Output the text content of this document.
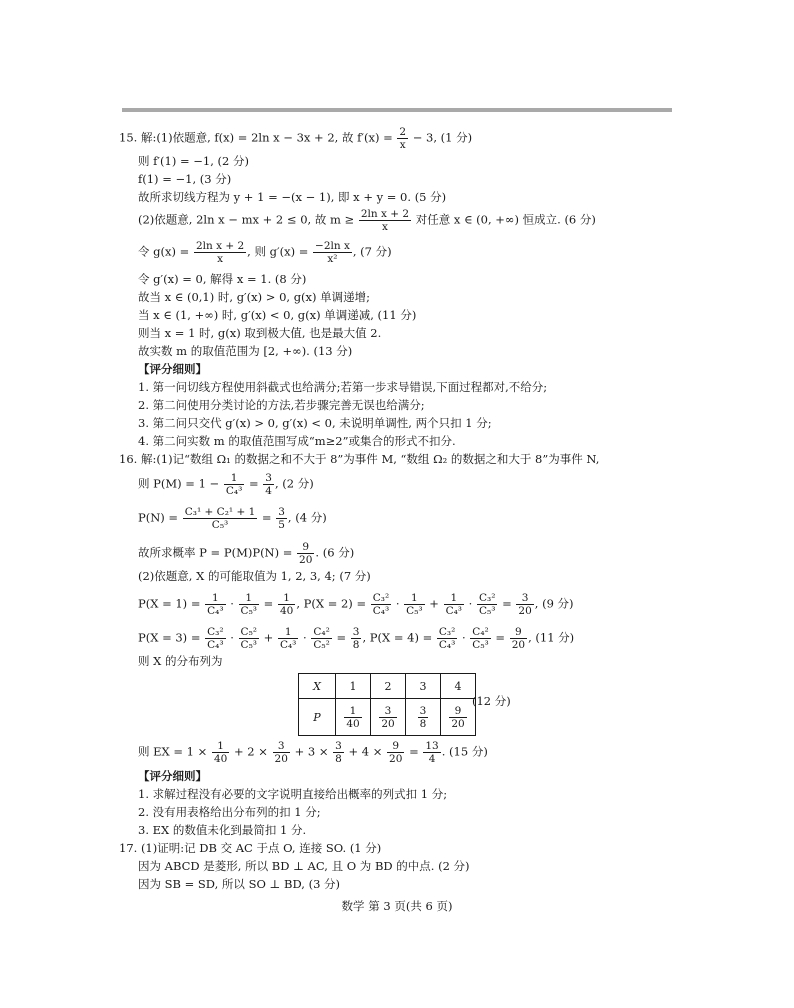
15. 解:(1)依题意, f(x) = 2ln x − 3x + 2, 故 $f'(x) = \frac{2}{x} - 3$, (1 分)
则 f′(1) = −1, (2 分)
f(1) = −1, (3 分)
故所求切线方程为 y + 1 = −(x − 1), 即 x + y = 0. (5 分)
(2)依题意, 2ln x − mx + 2 ≤ 0, 故 $m \ge \frac{\text{2ln x + 2}}{x}$ 对任意 x ∈ (0, +∞) 恒成立. (6 分)
令 $g(x) = \frac{\text{2ln x + 2}}{x}$ , 则 $g'(x) = \frac{\text{−2ln x}}{\text{x²}}$ , (7 分)
令 g′(x) = 0, 解得 x = 1. (8 分)
故当 x ∈ (0,1) 时, g′(x) > 0, g(x) 单调递增;
当 x ∈ (1, +∞) 时, g′(x) < 0, g(x) 单调递减, (11 分)
则当 x = 1 时, g(x) 取到极大值, 也是最大值 2.
故实数 m 的取值范围为 [2, +∞). (13 分)
【评分细则】
1. 第一问切线方程使用斜截式也给满分;若第一步求导错误,下面过程都对,不给分;
2. 第二问使用分类讨论的方法,若步骤完善无误也给满分;
3. 第二问只交代 g′(x) > 0, g′(x) < 0, 未说明单调性, 两个只扣 1 分;
4. 第二问实数 m 的取值范围写成“m≥2”或集合的形式不扣分.
16. 解:(1)记“数组 Ω₁ 的数据之和不大于 8”为事件 M, “数组 Ω₂ 的数据之和大于 8”为事件 N,
则 $P(M) = 1 - \frac{1}{\text{C₄³}} = \frac{3}{4}$ , (2 分)
$P(N) = \frac{\text{C₃¹ + C₂¹ + 1}}{\text{C₅³}} = \frac{3}{5}$ , (4 分)
故所求概率 $P = P(M)P(N) = \frac{9}{20}$ . (6 分)
(2)依题意, X 的可能取值为 1, 2, 3, 4; (7 分)
$P(X = 1) = \frac{1}{\text{C₄³}} \cdot \frac{1}{\text{C₅³}} = \frac{1}{40}$ , $P(X = 2) = \frac{\text{C₃²}}{\text{C₄³}} \cdot \frac{1}{\text{C₅³}} + \frac{1}{\text{C₄³}} \cdot \frac{\text{C₃²}}{\text{C₅³}} = \frac{3}{20}$ , (9 分)
$P(X = 3) = \frac{\text{C₃²}}{\text{C₄³}} \cdot \frac{\text{C₅²}}{\text{C₅³}} + \frac{1}{\text{C₄³}} \cdot \frac{\text{C₄²}}{\text{C₅²}} = \frac{3}{8}$ , $P(X = 4) = \frac{\text{C₃²}}{\text{C₄³}} \cdot \frac{\text{C₄²}}{\text{C₅³}} = \frac{9}{20}$ , (11 分)
则 X 的分布列为
X	1	2	3	4
P	$\frac{1}{40}$	$\frac{3}{20}$	$\frac{3}{8}$	$\frac{9}{20}$
(12 分)
则 EX = $1 \times \frac{1}{40} + 2 \times \frac{3}{20} + 3 \times \frac{3}{8} + 4 \times \frac{9}{20} = \frac{13}{4}$ . (15 分)
【评分细则】
1. 求解过程没有必要的文字说明直接给出概率的列式扣 1 分;
2. 没有用表格给出分布列的扣 1 分;
3. EX 的数值未化到最简扣 1 分.
17. (1)证明:记 DB 交 AC 于点 O, 连接 SO. (1 分)
因为 ABCD 是菱形, 所以 BD ⊥ AC, 且 O 为 BD 的中点. (2 分)
因为 SB = SD, 所以 SO ⊥ BD, (3 分)
数学 第 3 页(共 6 页)
